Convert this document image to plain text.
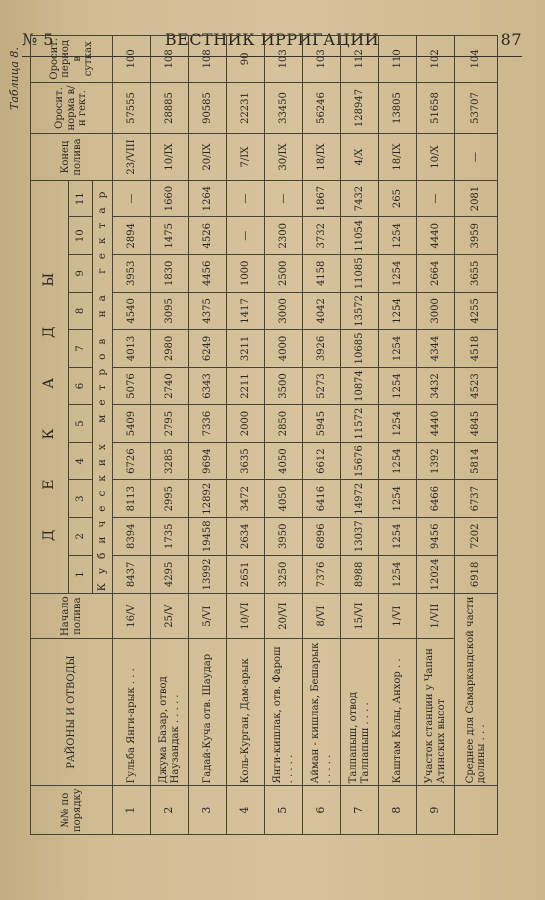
№ 5	ВЕСТНИК ИРРИГАЦИИ	87
Таблица 8.
№№ по порядку	РАЙОНЫ И ОТВОДЫ	Начало полива	ДЕКАДЫ											Конец полива	Оросит. норма в/н гект.	Оросит. период в сутках
			1	2	3	4	5	6	7	8	9	10	11			
			Кубических метров на гектар													
1	Гульба Янги-арык . . .	16/V	8437	8394	8113	6726	5409	5076	4013	4540	3953	2894	—	23/VIII	57555	100
2	Джума Базар, отвод Наузандак . . . . .	25/V	4295	1735	2995	3285	2795	2740	2980	3095	1830	1475	1660	10/IX	28885	108
3	Гадай-Куча отв. Шаудар	5/VI	13992	19458	12892	9694	7336	6343	6249	4375	4456	4526	1264	20/IX	90585	108
4	Коль-Курган, Дам-арык	10/VI	2651	2634	3472	3635	2000	2211	3211	1417	1000	—	—	7/IX	22231	90
5	Янги-кишлак, отв. Фарош . . . . .	20/VI	3250	3950	4050	4050	2850	3500	4000	3000	2500	2300	—	30/IX	33450	103
6	Айман - кишлак, Бешарык . . . . .	8/VI	7376	6896	6416	6612	5945	5273	3926	4042	4158	3732	1867	18/IX	56246	103
7	Талпапыш, отвод Талпапыш . . . .	15/VI	8988	13037	14972	15676	11572	10874	10685	13572	11085	11054	7432	4/X	128947	112
8	Каштам Калы, Анхор . .	1/VI	1254	1254	1254	1254	1254	1254	1254	1254	1254	1254	265	18/IX	13805	110
9	Участок станции у Чапан Атинских высот	1/VII	12024	9456	6466	1392	4440	3432	4344	3000	2664	4440	—	10/X	51658	102
	Среднее для Самаркандской части долины . . .		6918	7202	6737	5814	4845	4523	4518	4255	3655	3959	2081	—	53707	104
